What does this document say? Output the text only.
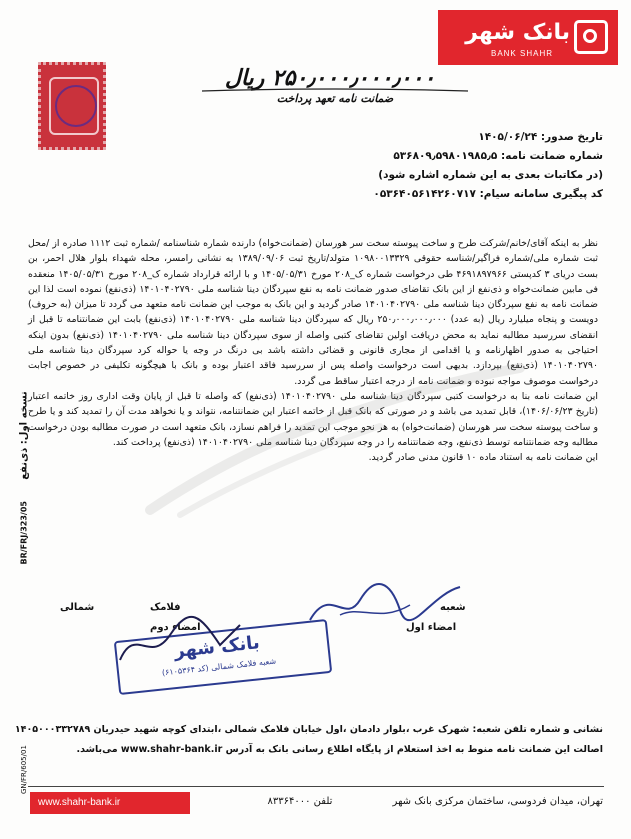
بانک شهر
BANK SHAHR
۲۵۰٫۰۰۰٫۰۰۰٫۰۰۰ ریال
ضمانت نامه تعهد پرداخت
تاریخ صدور: ۱۴۰۵/۰۶/۲۴
شماره ضمانت نامه: ۵۳۶۸۰۹٫۵۹۸۰۱۹۸۵٫۵
(در مکاتبات بعدی به این شماره اشاره شود)
کد پیگیری سامانه سیام: ۰۵۳۶۴۰۵۶۱۴۲۶۰۷۱۷

نظر به اینکه آقای/خانم/شرکت طرح و ساخت پیوسته سخت سر هورسان (ضمانت‌خواه) دارنده شماره شناسنامه /شماره ثبت ۱۱۱۲ صادره از /محل ثبت شماره ملی/شماره فراگیر/شناسه حقوقی ۱۰۹۸۰۰۱۳۳۲۹ متولد/تاریخ ثبت ۱۳۸۹/۰۹/۰۶ به نشانی رامسر، محله شهداء بلوار هلال احمر، بن بست دریای ۳ کدپستی ۴۶۹۱۸۹۷۹۶۶ طی درخواست شماره ک_۲۰۸ مورخ ۱۴۰۵/۰۵/۳۱ و با ارائه قرارداد شماره ک_۲۰۸ مورخ ۱۴۰۵/۰۵/۳۱ منعقده فی مابین ضمانت‌خواه و ذی‌نفع از این بانک تقاضای صدور ضمانت نامه به نفع سپردگان دینا شناسه ملی ۱۴۰۱۰۴۰۲۷۹۰ (ذی‌نفع) نموده است لذا این ضمانت نامه به نفع سپردگان دینا شناسه ملی ۱۴۰۱۰۴۰۲۷۹۰ صادر گردید و این بانک به موجب این ضمانت نامه متعهد می گردد تا میزان (به حروف) دویست و پنجاه میلیارد ریال (به عدد) ۲۵۰٫۰۰۰٫۰۰۰٫۰۰۰ ریال که سپردگان دینا شناسه ملی ۱۴۰۱۰۴۰۲۷۹۰ (ذی‌نفع) بابت این ضمانتنامه تا قبل از انقضای سررسید مطالبه نماید به محض دریافت اولین تقاضای کتبی واصله از سوی سپردگان دینا شناسه ملی ۱۴۰۱۰۴۰۲۷۹۰ (ذی‌نفع) بدون اینکه احتیاجی به صدور اظهارنامه و یا اقدامی از مجاری قانونی و قضائی داشته باشد بی درنگ در وجه یا حواله کرد سپردگان دینا شناسه ملی ۱۴۰۱۰۴۰۲۷۹۰ (ذی‌نفع) بپردازد. بدیهی است درخواست واصله پس از سررسید فاقد اعتبار بوده و بانک با هیچگونه تکلیفی در خصوص اجابت درخواست موصوف مواجه نبوده و ضمانت نامه از درجه اعتبار ساقط می گردد.

این ضمانت نامه بنا به درخواست کتبی سپردگان دینا شناسه ملی ۱۴۰۱۰۴۰۲۷۹۰ (ذی‌نفع) که واصله تا قبل از پایان وقت اداری روز خاتمه اعتبار (تاریخ ۱۴۰۶/۰۶/۲۳)، قابل تمدید می باشد و در صورتی که بانک قبل از خاتمه اعتبار این ضمانتنامه، نتواند و یا نخواهد مدت آن را تمدید کند و یا طرح و ساخت پیوسته سخت سر هورسان (ضمانت‌خواه) به هر نحو موجب این تمدید را فراهم نسازد، بانک متعهد است در صورت مطالبه بودن درخواست مطالبه وجه ضمانتنامه توسط ذی‌نفع، وجه ضمانتنامه را در وجه سپردگان دینا شناسه ملی ۱۴۰۱۰۴۰۲۷۹۰ (ذی‌نفع) پرداخت کند.

این ضمانت نامه به استناد ماده ۱۰ قانون مدنی صادر گردید.

نسخه اول: ذی‌نفع
BR/FRJ/323/05
GN/FR/605/01
شعبه
امضاء اول
فلامک
شمالی
امضاء دوم
بانک شهر
شعبه فلامک شمالی (کد ۶۱۰۵۳۶۴)
نشانی و شماره تلفن شعبه: شهرک غرب ،بلوار دادمان ،اول خیابان فلامک شمالی ،ابتدای کوچه شهید حیدریان ۱۴۰۵۰۰۰۳۳۲۷۸۹
اصالت این ضمانت نامه منوط به اخذ استعلام از پایگاه اطلاع رسانی بانک به آدرس www.shahr-bank.ir می‌باشد.
www.shahr-bank.ir	تلفن ۸۳۳۶۴۰۰۰	تهران، میدان فردوسی، ساختمان مرکزی بانک شهر
